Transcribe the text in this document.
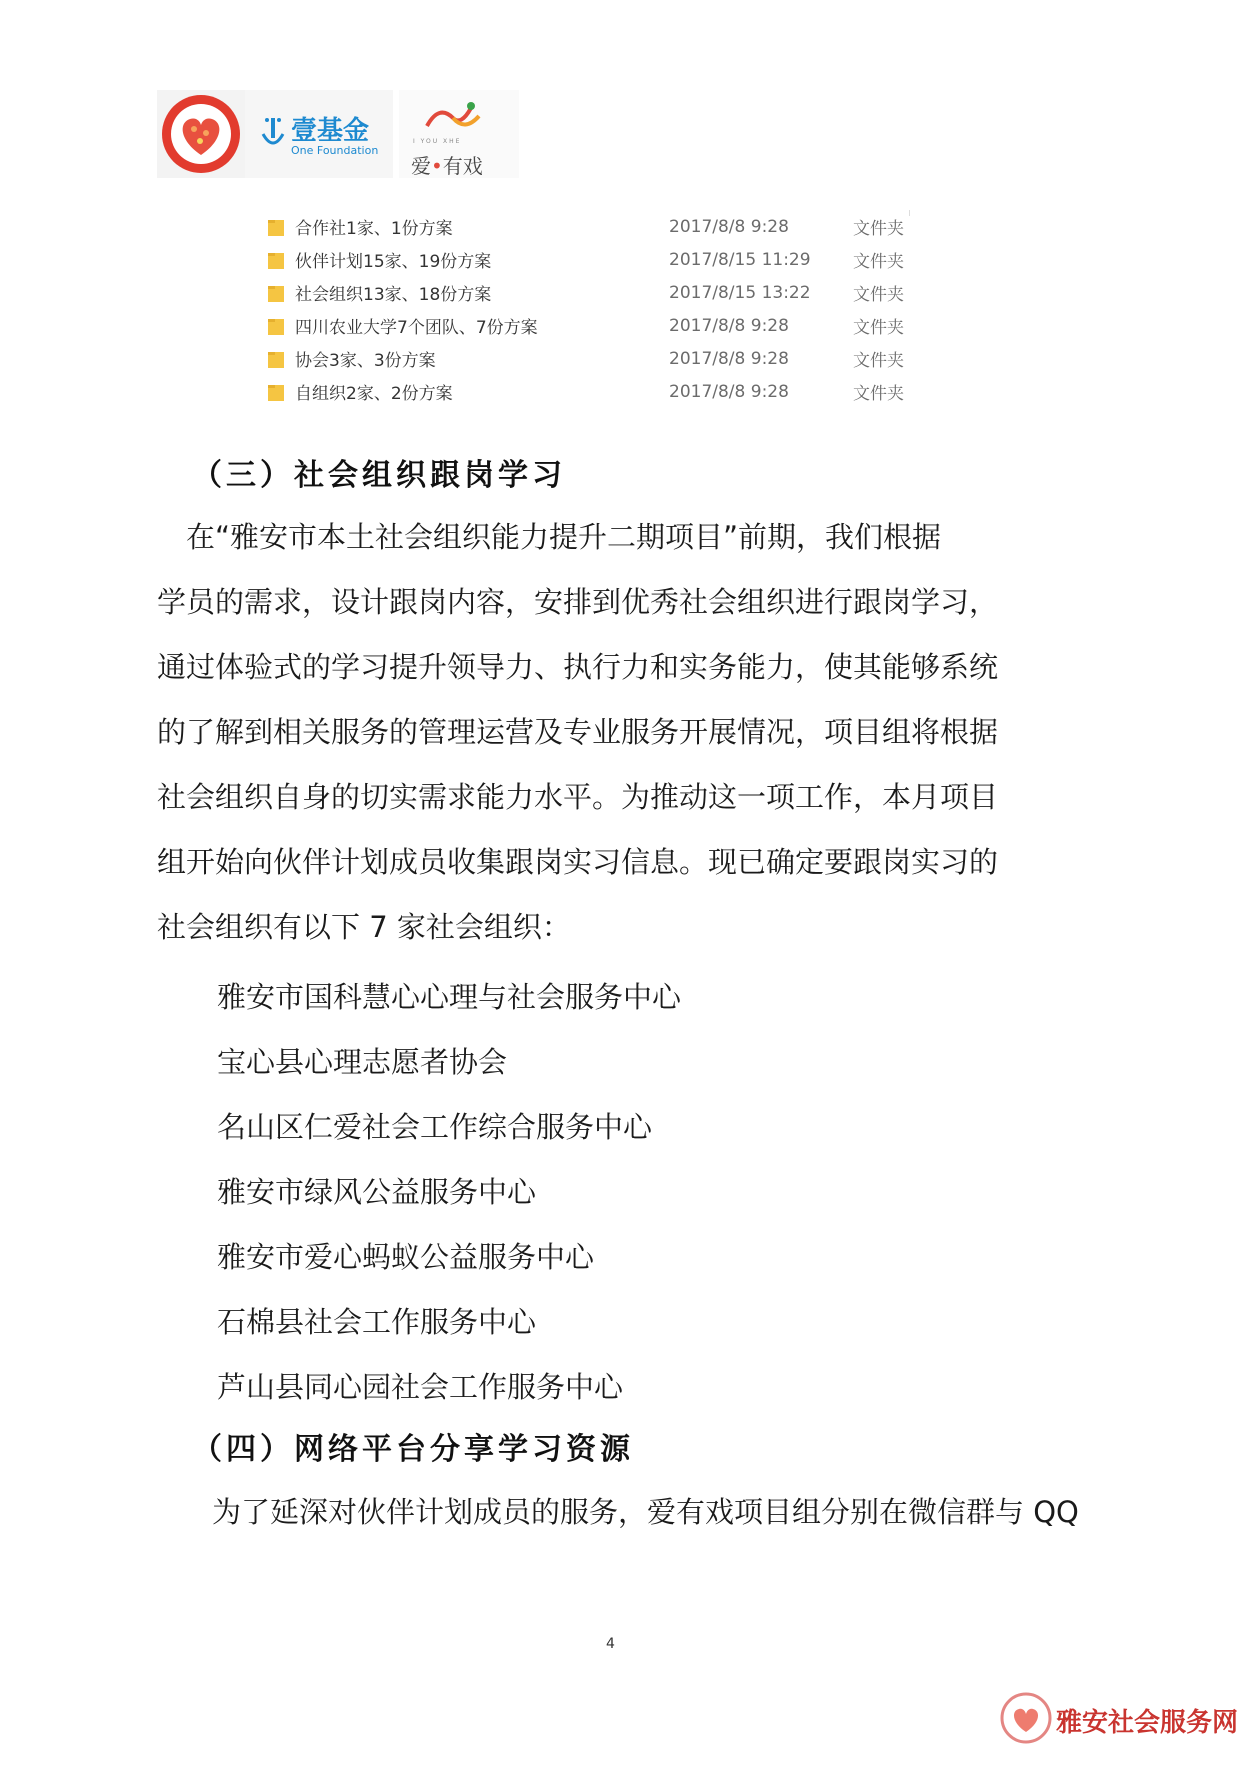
壹基金
One Foundation
I YOU XHE
爱•有戏
合作社1家、1份方案	2017/8/8 9:28	文件夹
伙伴计划15家、19份方案	2017/8/15 11:29 文件夹
社会组织13家、18份方案	2017/8/15 13:22 文件夹
四川农业大学7个团队、7份方案	2017/8/8 9:28	文件夹
协会3家、3份方案	2017/8/8 9:28	文件夹
自组织2家、2份方案	2017/8/8 9:28	文件夹
（三）社会组织跟岗学习
　在“雅安市本土社会组织能力提升二期项目”前期，我们根据
学员的需求，设计跟岗内容，安排到优秀社会组织进行跟岗学习，
通过体验式的学习提升领导力、执行力和实务能力，使其能够系统
的了解到相关服务的管理运营及专业服务开展情况，项目组将根据
社会组织自身的切实需求能力水平。为推动这一项工作，本月项目
组开始向伙伴计划成员收集跟岗实习信息。现已确定要跟岗实习的
社会组织有以下 7 家社会组织：
雅安市国科慧心心理与社会服务中心
宝心县心理志愿者协会
名山区仁爱社会工作综合服务中心
雅安市绿风公益服务中心
雅安市爱心蚂蚁公益服务中心
石棉县社会工作服务中心
芦山县同心园社会工作服务中心
（四）网络平台分享学习资源
为了延深对伙伴计划成员的服务，爱有戏项目组分别在微信群与 QQ
4
雅安社会服务网
